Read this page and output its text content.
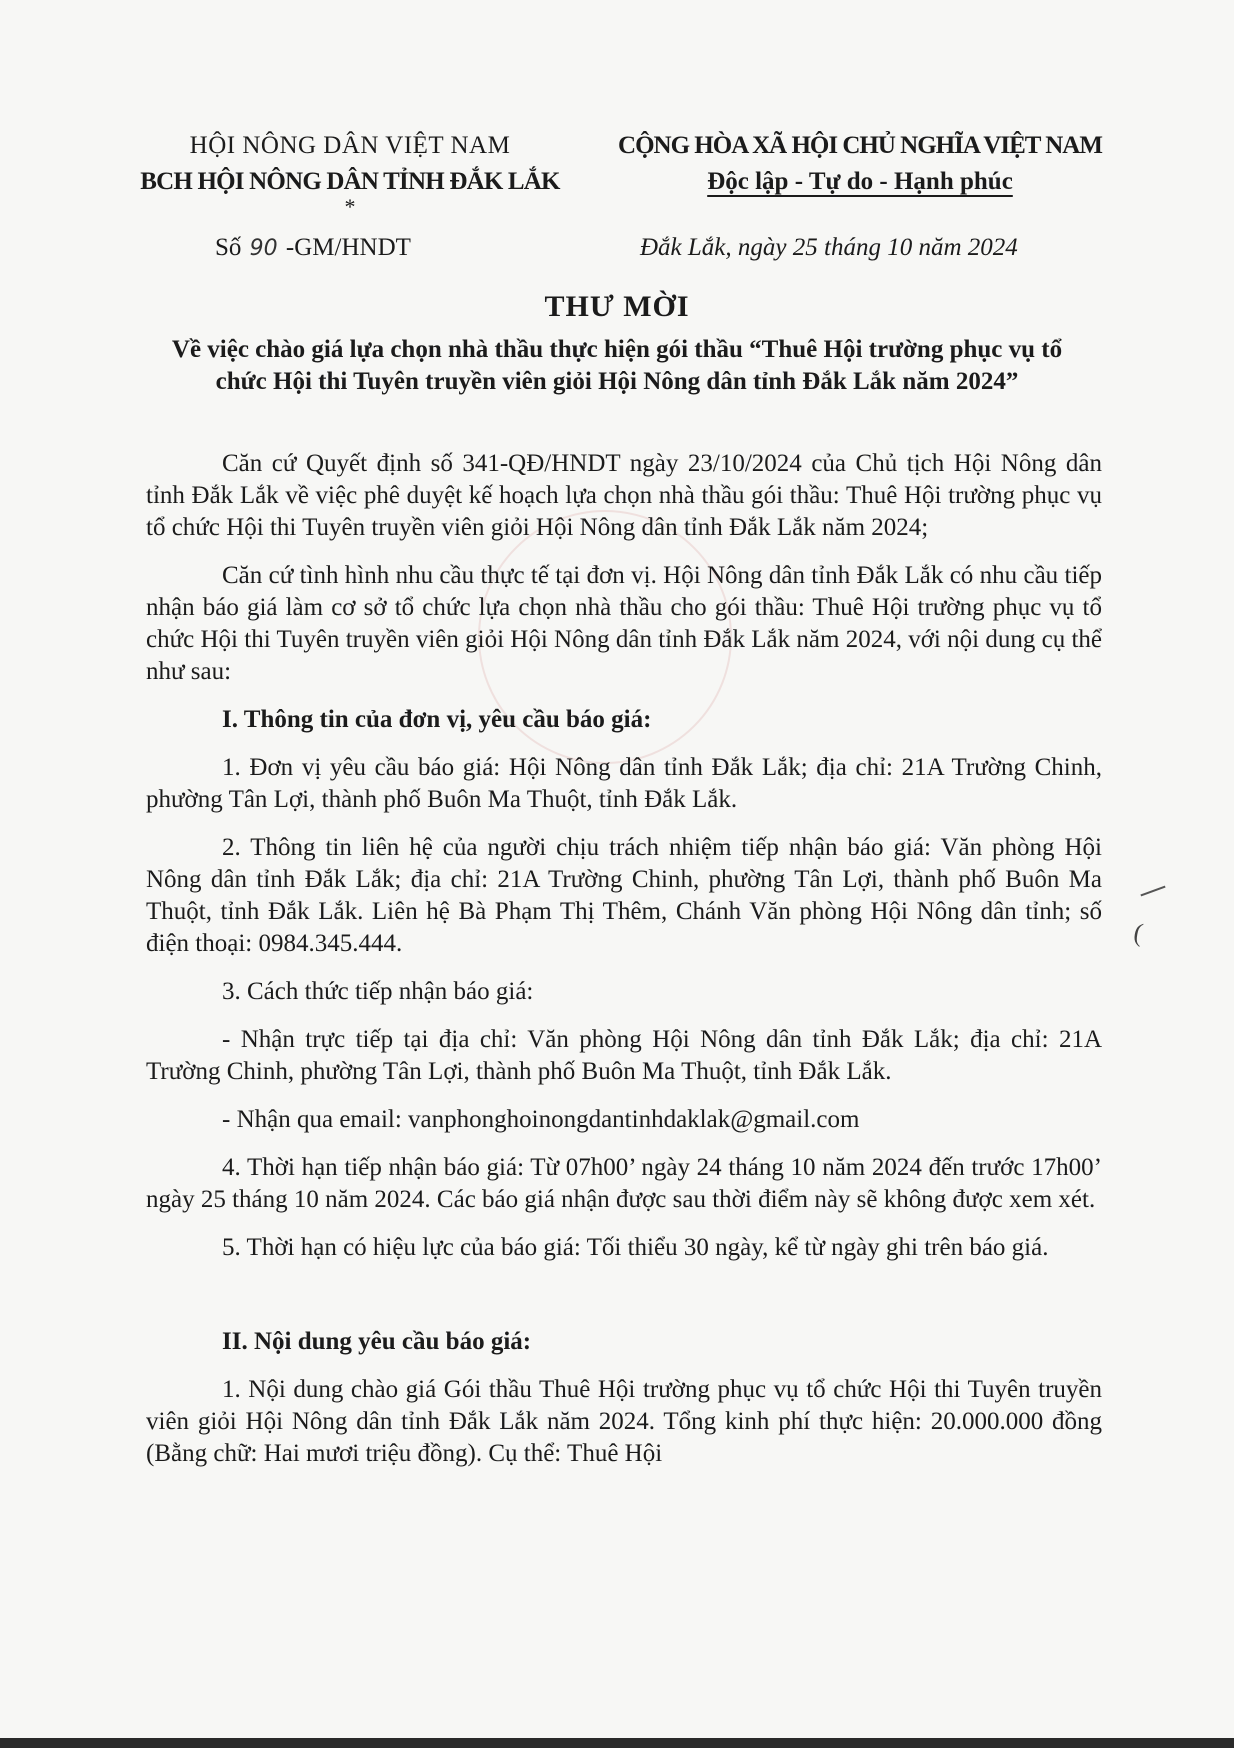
HỘI NÔNG DÂN VIỆT NAM
BCH HỘI NÔNG DÂN TỈNH ĐẮK LẮK
*
CỘNG HÒA XÃ HỘI CHỦ NGHĨA VIỆT NAM
Độc lập - Tự do - Hạnh phúc
Số 90 -GM/HNDT	Đắk Lắk, ngày 25 tháng 10 năm 2024
THƯ MỜI
Về việc chào giá lựa chọn nhà thầu thực hiện gói thầu “Thuê Hội trường phục vụ tổ chức Hội thi Tuyên truyền viên giỏi Hội Nông dân tỉnh Đắk Lắk năm 2024”

Căn cứ Quyết định số 341-QĐ/HNDT ngày 23/10/2024 của Chủ tịch Hội Nông dân tỉnh Đắk Lắk về việc phê duyệt kế hoạch lựa chọn nhà thầu gói thầu: Thuê Hội trường phục vụ tổ chức Hội thi Tuyên truyền viên giỏi Hội Nông dân tỉnh Đắk Lắk năm 2024;

Căn cứ tình hình nhu cầu thực tế tại đơn vị. Hội Nông dân tỉnh Đắk Lắk có nhu cầu tiếp nhận báo giá làm cơ sở tổ chức lựa chọn nhà thầu cho gói thầu: Thuê Hội trường phục vụ tổ chức Hội thi Tuyên truyền viên giỏi Hội Nông dân tỉnh Đắk Lắk năm 2024, với nội dung cụ thể như sau:

I. Thông tin của đơn vị, yêu cầu báo giá:

1. Đơn vị yêu cầu báo giá: Hội Nông dân tỉnh Đắk Lắk; địa chỉ: 21A Trường Chinh, phường Tân Lợi, thành phố Buôn Ma Thuột, tỉnh Đắk Lắk.

2. Thông tin liên hệ của người chịu trách nhiệm tiếp nhận báo giá: Văn phòng Hội Nông dân tỉnh Đắk Lắk; địa chỉ: 21A Trường Chinh, phường Tân Lợi, thành phố Buôn Ma Thuột, tỉnh Đắk Lắk. Liên hệ Bà Phạm Thị Thêm, Chánh Văn phòng Hội Nông dân tỉnh; số điện thoại: 0984.345.444.

3. Cách thức tiếp nhận báo giá:

- Nhận trực tiếp tại địa chỉ: Văn phòng Hội Nông dân tỉnh Đắk Lắk; địa chỉ: 21A Trường Chinh, phường Tân Lợi, thành phố Buôn Ma Thuột, tỉnh Đắk Lắk.

- Nhận qua email: vanphonghoinongdantinhdaklak@gmail.com

4. Thời hạn tiếp nhận báo giá: Từ 07h00’ ngày 24 tháng 10 năm 2024 đến trước 17h00’ ngày 25 tháng 10 năm 2024. Các báo giá nhận được sau thời điểm này sẽ không được xem xét.

5. Thời hạn có hiệu lực của báo giá: Tối thiểu 30 ngày, kể từ ngày ghi trên báo giá.

II. Nội dung yêu cầu báo giá:

1. Nội dung chào giá Gói thầu Thuê Hội trường phục vụ tổ chức Hội thi Tuyên truyền viên giỏi Hội Nông dân tỉnh Đắk Lắk năm 2024. Tổng kinh phí thực hiện: 20.000.000 đồng (Bằng chữ: Hai mươi triệu đồng). Cụ thể: Thuê Hội

(
